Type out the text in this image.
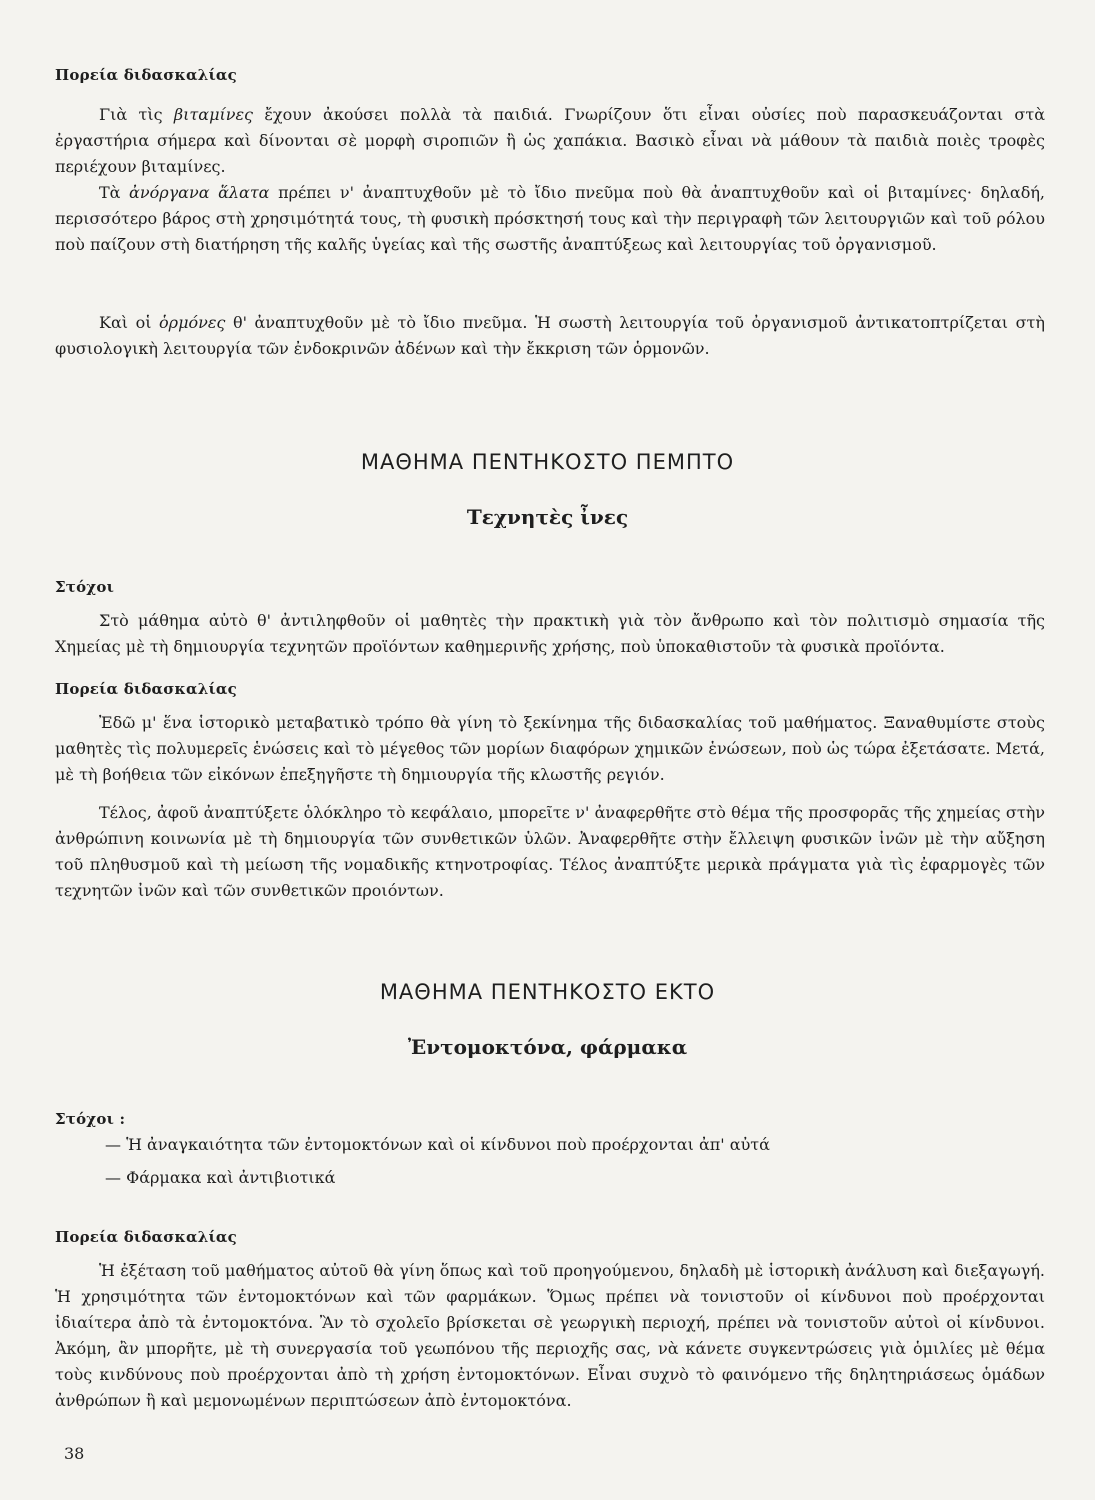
Πορεία διδασκαλίας
Γιὰ τὶς βιταμίνες ἔχουν ἀκούσει πολλὰ τὰ παιδιά. Γνωρίζουν ὅτι εἶναι οὐσίες ποὺ παρασκευάζονται στὰ ἐργαστήρια σήμερα καὶ δίνονται σὲ μορφὴ σιροπιῶν ἢ ὡς χαπάκια. Βασικὸ εἶναι νὰ μάθουν τὰ παιδιὰ ποιὲς τροφὲς περιέχουν βιταμίνες.
Τὰ ἀνόργανα ἅλατα πρέπει ν' ἀναπτυχθοῦν μὲ τὸ ἴδιο πνεῦμα ποὺ θὰ ἀναπτυχθοῦν καὶ οἱ βιταμίνες· δηλαδή, περισσότερο βάρος στὴ χρησιμότητά τους, τὴ φυσικὴ πρόσκτησή τους καὶ τὴν περιγραφὴ τῶν λειτουργιῶν καὶ τοῦ ρόλου ποὺ παίζουν στὴ διατήρηση τῆς καλῆς ὑγείας καὶ τῆς σωστῆς ἀναπτύξεως καὶ λειτουργίας τοῦ ὀργανισμοῦ.
Καὶ οἱ ὁρμόνες θ' ἀναπτυχθοῦν μὲ τὸ ἴδιο πνεῦμα. Ἡ σωστὴ λειτουργία τοῦ ὀργανισμοῦ ἀντικατοπτρίζεται στὴ φυσιολογικὴ λειτουργία τῶν ἐνδοκρινῶν ἀδένων καὶ τὴν ἔκκριση τῶν ὁρμονῶν.
ΜΑΘΗΜΑ ΠΕΝΤΗΚΟΣΤΟ ΠΕΜΠΤΟ
Τεχνητὲς ἶνες
Στόχοι
Στὸ μάθημα αὐτὸ θ' ἀντιληφθοῦν οἱ μαθητὲς τὴν πρακτικὴ γιὰ τὸν ἄνθρωπο καὶ τὸν πολιτισμὸ σημασία τῆς Χημείας μὲ τὴ δημιουργία τεχνητῶν προϊόντων καθημερινῆς χρήσης, ποὺ ὑποκαθιστοῦν τὰ φυσικὰ προϊόντα.
Πορεία διδασκαλίας
Ἐδῶ μ' ἕνα ἱστορικὸ μεταβατικὸ τρόπο θὰ γίνη τὸ ξεκίνημα τῆς διδασκαλίας τοῦ μαθήματος. Ξαναθυμίστε στοὺς μαθητὲς τὶς πολυμερεῖς ἑνώσεις καὶ τὸ μέγεθος τῶν μορίων διαφόρων χημικῶν ἑνώσεων, ποὺ ὡς τώρα ἐξετάσατε. Μετά, μὲ τὴ βοήθεια τῶν εἰκόνων ἐπεξηγῆστε τὴ δημιουργία τῆς κλωστῆς ρεγιόν.
Τέλος, ἀφοῦ ἀναπτύξετε ὁλόκληρο τὸ κεφάλαιο, μπορεῖτε ν' ἀναφερθῆτε στὸ θέμα τῆς προσφορᾶς τῆς χημείας στὴν ἀνθρώπινη κοινωνία μὲ τὴ δημιουργία τῶν συνθετικῶν ὑλῶν. Ἀναφερθῆτε στὴν ἔλλειψη φυσικῶν ἰνῶν μὲ τὴν αὔξηση τοῦ πληθυσμοῦ καὶ τὴ μείωση τῆς νομαδικῆς κτηνοτροφίας. Τέλος ἀναπτύξτε μερικὰ πράγματα γιὰ τὶς ἐφαρμογὲς τῶν τεχνητῶν ἰνῶν καὶ τῶν συνθετικῶν προιόντων.
ΜΑΘΗΜΑ ΠΕΝΤΗΚΟΣΤΟ ΕΚΤΟ
Ἐντομοκτόνα, φάρμακα
Στόχοι :
— Ἡ ἀναγκαιότητα τῶν ἐντομοκτόνων καὶ οἱ κίνδυνοι ποὺ προέρχονται ἀπ' αὐτά
— Φάρμακα καὶ ἀντιβιοτικά
Πορεία διδασκαλίας
Ἡ ἐξέταση τοῦ μαθήματος αὐτοῦ θὰ γίνη ὅπως καὶ τοῦ προηγούμενου, δηλαδὴ μὲ ἱστορικὴ ἀνάλυση καὶ διεξαγωγή. Ἡ χρησιμότητα τῶν ἐντομοκτόνων καὶ τῶν φαρμάκων. Ὅμως πρέπει νὰ τονιστοῦν οἱ κίνδυνοι ποὺ προέρχονται ἰδιαίτερα ἀπὸ τὰ ἐντομοκτόνα. Ἂν τὸ σχολεῖο βρίσκεται σὲ γεωργικὴ περιοχή, πρέπει νὰ τονιστοῦν αὐτοὶ οἱ κίνδυνοι. Ἀκόμη, ἂν μπορῆτε, μὲ τὴ συνεργασία τοῦ γεωπόνου τῆς περιοχῆς σας, νὰ κάνετε συγκεντρώσεις γιὰ ὁμιλίες μὲ θέμα τοὺς κινδύνους ποὺ προέρχονται ἀπὸ τὴ χρήση ἐντομοκτόνων. Εἶναι συχνὸ τὸ φαινόμενο τῆς δηλητηριάσεως ὁμάδων ἀνθρώπων ἢ καὶ μεμονωμένων περιπτώσεων ἀπὸ ἐντομοκτόνα.
38
